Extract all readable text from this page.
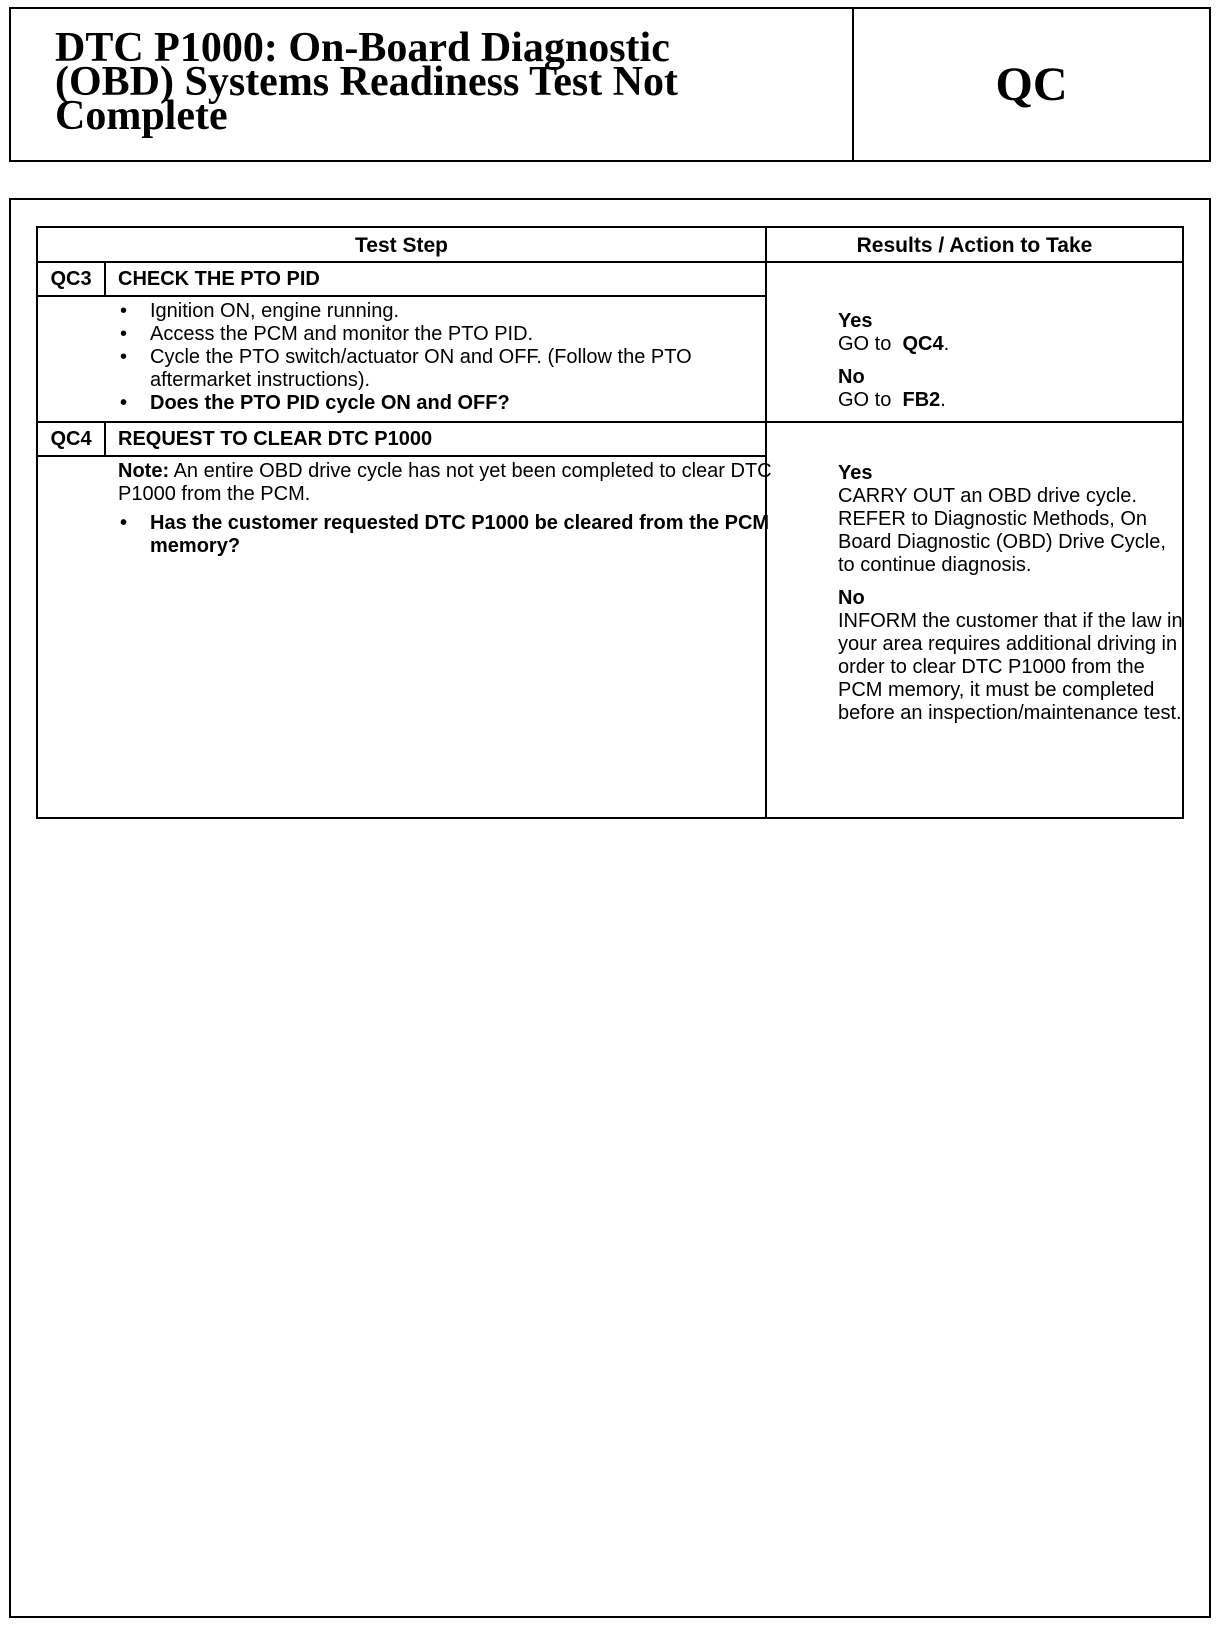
DTC P1000: On-Board Diagnostic
(OBD) Systems Readiness Test Not
Complete
QC
Test Step	Results / Action to Take
QC3	CHECK THE PTO PID
• Ignition ON, engine running.
• Access the PCM and monitor the PTO PID.
• Cycle the PTO switch/actuator ON and OFF. (Follow the PTO aftermarket instructions).
• Does the PTO PID cycle ON and OFF?
Yes
GO to QC4.
No
GO to FB2.
QC4	REQUEST TO CLEAR DTC P1000
Note: An entire OBD drive cycle has not yet been completed to clear DTC P1000 from the PCM.
• Has the customer requested DTC P1000 be cleared from the PCM memory?
Yes
CARRY OUT an OBD drive cycle. REFER to Diagnostic Methods, On Board Diagnostic (OBD) Drive Cycle, to continue diagnosis.
No
INFORM the customer that if the law in your area requires additional driving in order to clear DTC P1000 from the PCM memory, it must be completed before an inspection/maintenance test.
